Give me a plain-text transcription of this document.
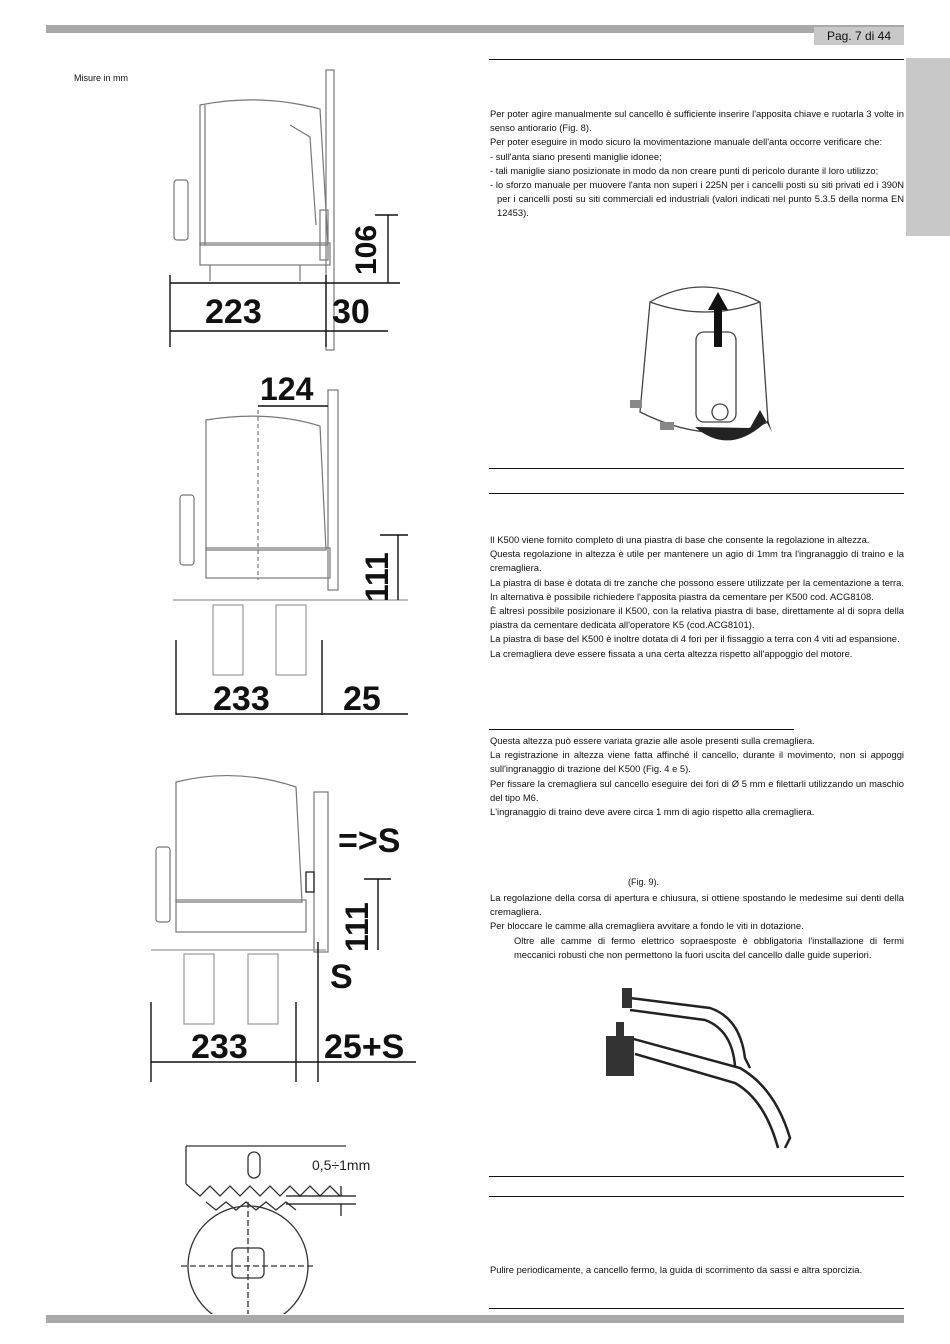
Pag. 7 di 44
Misure in mm
106
223 30
124
111
233 25
=>S
111
S
233 25+S
0,5÷1mm

Per poter agire manualmente sul cancello è sufficiente inserire l'apposita chiave e ruotarla 3 volte in senso antiorario (Fig. 8).

Per poter eseguire in modo sicuro la movimentazione manuale dell'anta occorre verificare che:

- sull'anta siano presenti maniglie idonee;

- tali maniglie siano posizionate in modo da non creare punti di pericolo durante il loro utilizzo;

- lo sforzo manuale per muovere l'anta non superi i 225N per i cancelli posti su siti privati ed i 390N per i cancelli posti su siti commerciali ed industriali (valori indicati nel punto 5.3.5 della norma EN 12453).

Il K500 viene fornito completo di una piastra di base che consente la regolazione in altezza.

Questa regolazione in altezza è utile per mantenere un agio di 1mm tra l'ingranaggio di traino e la cremagliera.

La piastra di base è dotata di tre zanche che possono essere utilizzate per la cementazione a terra. In alternativa è possibile richiedere l'apposita piastra da cementare per K500 cod. ACG8108.

È altresì possibile posizionare il K500, con la relativa piastra di base, direttamente al di sopra della piastra da cementare dedicata all'operatore K5 (cod.ACG8101).

La piastra di base del K500 è inoltre dotata di 4 fori per il fissaggio a terra con 4 viti ad espansione.

La cremagliera deve essere fissata a una certa altezza rispetto all'appoggio del motore.

Questa altezza può essere variata grazie alle asole presenti sulla cremagliera.

La registrazione in altezza viene fatta affinché il cancello, durante il movimento, non si appoggi sull'ingranaggio di trazione del K500 (Fig. 4 e 5).

Per fissare la cremagliera sul cancello eseguire dei fori di Ø 5 mm e filettarli utilizzando un maschio del tipo M6.

L'ingranaggio di traino deve avere circa 1 mm di agio rispetto alla cremagliera.

(Fig. 9).

La regolazione della corsa di apertura e chiusura, si ottiene spostando le medesime sui denti della cremagliera.

Per bloccare le camme alla cremagliera avvitare a fondo le viti in dotazione.

Oltre alle camme di fermo elettrico sopraesposte è obbligatoria l'installazione di fermi meccanici robusti che non permettono la fuori uscita del cancello dalle guide superiori.

Pulire periodicamente, a cancello fermo, la guida di scorrimento da sassi e altra sporcizia.
